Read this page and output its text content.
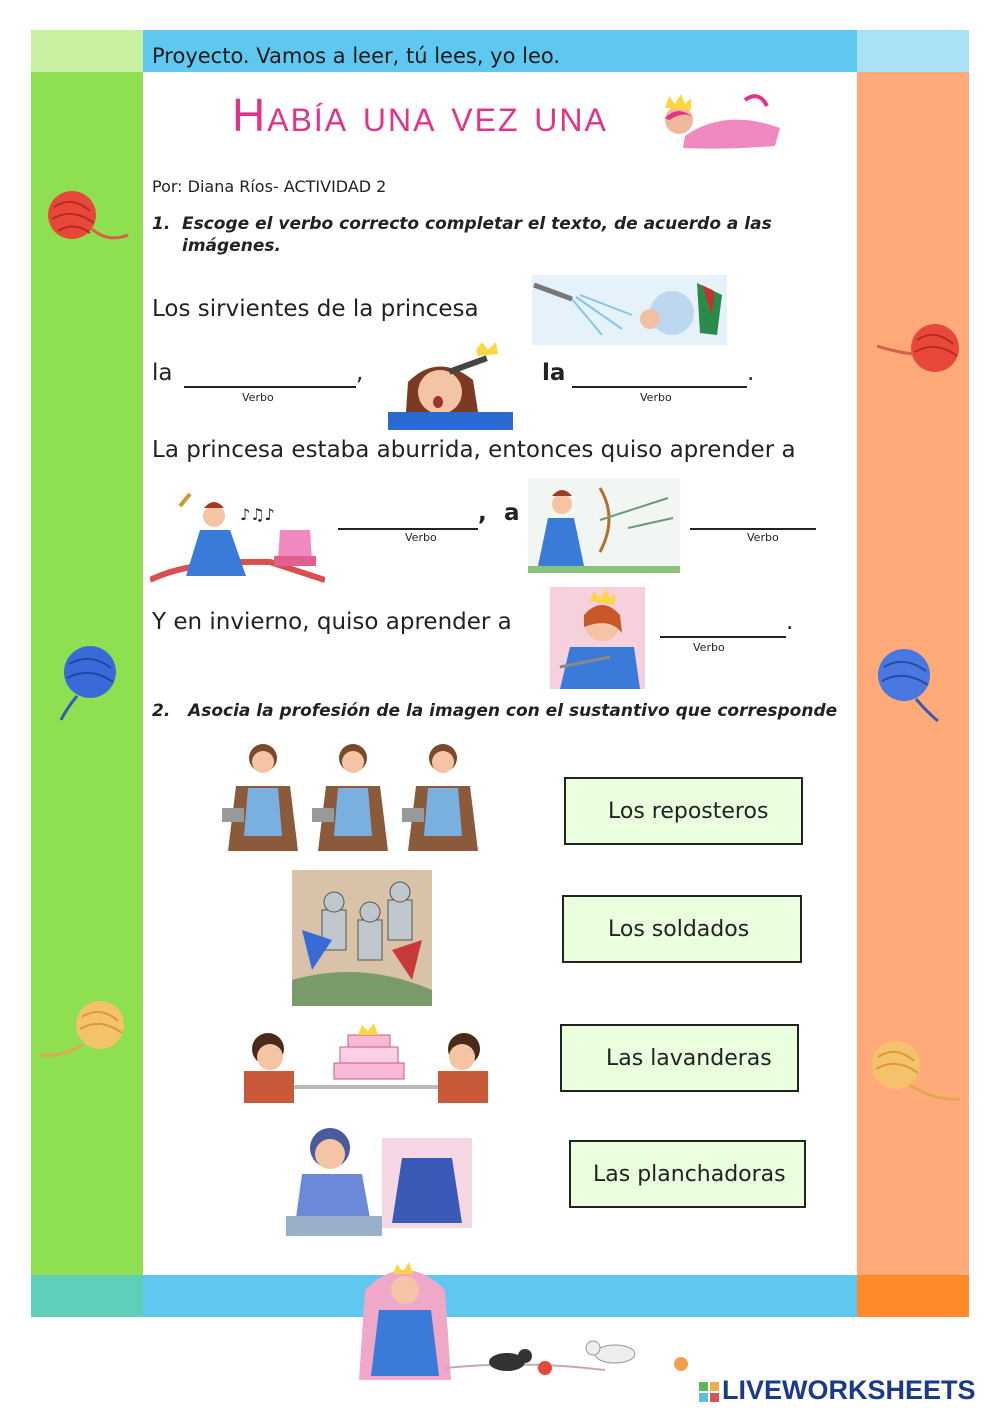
Proyecto. Vamos a leer, tú lees, yo leo.
Había una vez una
Por: Diana Ríos- ACTIVIDAD 2
1. Escoge el verbo correcto completar el texto, de acuerdo a las
imágenes.
Los sirvientes de la princesa
la	,
Verbo
la	.
Verbo
La princesa estaba aburrida, entonces quiso aprender a
♪♫♪	,
Verbo
a
Verbo
Y en invierno, quiso aprender a	.
Verbo
2. Asocia la profesión de la imagen con el sustantivo que corresponde
Los reposteros
Los soldados
Las lavanderas
Las planchadoras

LIVEWORKSHEETS
